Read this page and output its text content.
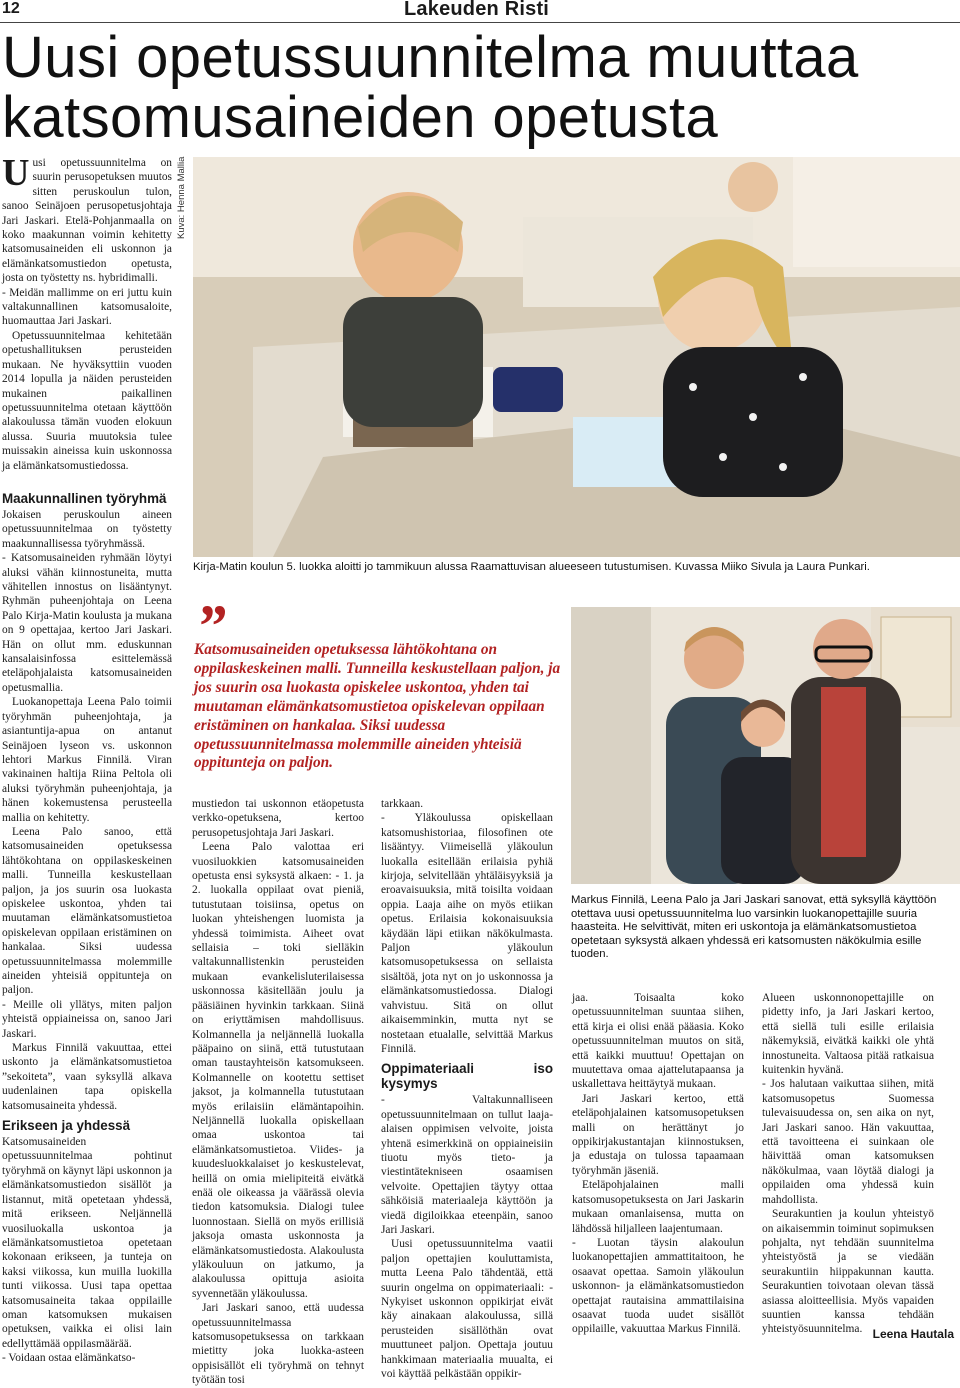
12	Lakeuden Risti
Uusi opetussuunnitelma muuttaa katsomusaineiden opetusta

Uusi opetussuunnitelma on suurin perusopetuksen muutos sitten peruskoulun tulon, sanoo Seinäjoen perusopetusjohtaja Jari Jaskari. Etelä-Pohjanmaalla on koko maakunnan voimin kehitetty katsomusaineiden eli uskonnon ja elämänkatsomustiedon opetusta, josta on työstetty ns. hybridimalli.

- Meidän mallimme on eri juttu kuin valtakunnallinen katsomusaloite, huomauttaa Jari Jaskari.

Opetussuunnitelmaa kehitetään opetushallituksen perusteiden mukaan. Ne hyväksyttiin vuoden 2014 lopulla ja näiden perusteiden mukainen paikallinen opetussuunnitelma otetaan käyttöön alakoulussa tämän vuoden elokuun alussa. Suuria muutoksia tulee muissakin aineissa kuin uskonnossa ja elämänkatsomustiedossa.

Maakunnallinen työryhmä

Jokaisen peruskoulun aineen opetussuunnitelmaa on työstetty maakunnallisessa työryhmässä.

- Katsomusaineiden ryhmään löytyi aluksi vähän kiinnostuneita, mutta vähitellen innostus on lisääntynyt. Ryhmän puheenjohtaja on Leena Palo Kirja-Matin koulusta ja mukana on 9 opettajaa, kertoo Jari Jaskari. Hän on ollut mm. eduskunnan kansalaisinfossa esittelemässä eteläpohjalaista katsomusaineiden opetusmallia.

Luokanopettaja Leena Palo toimii työryhmän puheenjohtaja, ja asiantuntija-apua on antanut Seinäjoen lyseon vs. uskonnon lehtori Markus Finnilä. Viran vakinainen haltija Riina Peltola oli aluksi työryhmän puheenjohtaja, ja hänen kokemustensa perusteella mallia on kehitetty.

Leena Palo sanoo, että katsomusaineiden opetuksessa lähtökohtana on oppilaskeskeinen malli. Tunneilla keskustellaan paljon, ja jos suurin osa luokasta opiskelee uskontoa, yhden tai muutaman elämänkatsomustietoa opiskelevan oppilaan eristäminen on hankalaa. Siksi uudessa opetussuunnitelmassa molemmille aineiden yhteisiä oppitunteja on paljon.

- Meille oli yllätys, miten paljon yhteistä oppiaineissa on, sanoo Jari Jaskari.

Markus Finnilä vakuuttaa, ettei uskonto ja elämänkatsomustietoa ”sekoiteta”, vaan syksyllä alkava uudenlainen tapa opiskella katsomusaineita yhdessä.

Erikseen ja yhdessä

Katsomusaineiden opetussuunnitelmaa pohtinut työryhmä on käynyt läpi uskonnon ja elämänkatsomustiedon sisällöt ja listannut, mitä opetetaan yhdessä, mitä erikseen. Neljännellä vuosiluokalla uskontoa ja elämänkatsomustietoa opetetaan kokonaan erikseen, ja tunteja on kaksi viikossa, kun muilla luokilla tunti viikossa. Uusi tapa opettaa katsomusaineita takaa oppilaille oman katsomuksen mukaisen opetuksen, vaikka ei olisi lain edellyttämää oppilasmäärää.

- Voidaan ostaa elämänkatso-

Kuva: Henna Mallia
Kirja-Matin koulun 5. luokka aloitti jo tammikuun alussa Raamattuvisan alueeseen tutustumisen. Kuvassa Miiko Sivula ja Laura Punkari.
”
Katsomusaineiden opetuksessa lähtökohtana on oppilaskeskeinen malli. Tunneilla keskustellaan paljon, ja jos suurin osa luokasta opiskelee uskontoa, yhden tai muutaman elämänkatsomustietoa opiskelevan oppilaan eristäminen on hankalaa. Siksi uudessa opetussuunnitelmassa molemmille aineiden yhteisiä oppitunteja on paljon.
Markus Finnilä, Leena Palo ja Jari Jaskari sanovat, että syksyllä käyttöön otettava uusi opetussuunnitelma luo varsinkin luokanopettajille suuria haasteita. He selvittivät, miten eri uskontoja ja elämänkatsomustietoa opetetaan syksystä alkaen yhdessä eri katsomusten näkökulmia esille tuoden.

mustiedon tai uskonnon etäopetusta verkko-opetuksena, kertoo perusopetusjohtaja Jari Jaskari.

Leena Palo valottaa eri vuosiluokkien katsomusaineiden opetusta ensi syksystä alkaen: - 1. ja 2. luokalla oppilaat ovat pieniä, tutustutaan toisiinsa, opetus on luokan yhteishengen luomista ja yhdessä toimimista. Aiheet ovat sellaisia – toki sielläkin valtakunnallistenkin perusteiden mukaan evankelisluterilaisessa uskonnossa käsitellään joulu ja pääsiäinen hyvinkin tarkkaan. Siinä on eriyttämisen mahdollisuus. Kolmannella ja neljännellä luokalla pääpaino on siinä, että tutustutaan oman taustayhteisön katsomukseen. Kolmannelle on kootettu settiset jaksot, ja kolmannella tutustutaan myös erilaisiin elämäntapoihin. Neljännellä luokalla opiskellaan omaa uskontoa tai elämänkatsomustietoa. Viides- ja kuudesluokkalaiset jo keskustelevat, heillä on omia mielipiteitä eivätkä enää ole oikeassa ja väärässä olevia tiedon katsomuksia. Dialogi tulee luonnostaan. Siellä on myös erillisiä jaksoja omasta uskonnosta ja elämänkatsomustiedosta. Alakoulusta yläkouluun on jatkumo, ja alakoulussa opittuja asioita syvennetään yläkoulussa.

Jari Jaskari sanoo, että uudessa opetussuunnitelmassa katsomusopetuksessa on tarkkaan mietitty joka luokka-asteen oppisisällöt eli työryhmä on tehnyt työtään tosi

tarkkaan.

- Yläkoulussa opiskellaan katsomushistoriaa, filosofinen ote lisääntyy. Viimeisellä yläkoulun luokalla esitellään erilaisia pyhiä kirjoja, selvitellään yhtäläisyyksiä ja eroavaisuuksia, mitä toisilta voidaan oppia. Laaja aihe on myös etiikan opetus. Erilaisia kokonaisuuksia käydään läpi etiikan näkökulmasta. Paljon yläkoulun katsomusopetuksessa on sellaista sisältöä, jota nyt on jo uskonnossa ja elämänkatsomustiedossa. Dialogi vahvistuu. Sitä on ollut aikaisemminkin, mutta nyt se nostetaan etualalle, selvittää Markus Finnilä.

Oppimateriaali iso kysymys

- Valtakunnalliseen opetussuunnitelmaan on tullut laaja-alaisen oppimisen velvoite, joista yhtenä esimerkkinä on oppiaineisiin tiuotu myös tieto- ja viestintätekniseen osaamisen velvoite. Opettajien täytyy ottaa sähköisiä materiaaleja käyttöön ja viedä digiloikkaa eteenpäin, sanoo Jari Jaskari.

Uusi opetussuunnitelma vaatii paljon opettajien kouluttamista, mutta Leena Palo tähdentää, että suurin ongelma on oppimateriaali: - Nykyiset uskonnon oppikirjat eivät käy ainakaan alakoulussa, sillä perusteiden sisällöthän ovat muuttuneet paljon. Opettaja joutuu hankkimaan materiaalia muualta, ei voi käyttää pelkästään oppikir-

jaa. Toisaalta koko opetussuunnitelman suuntaa siihen, että kirja ei olisi enää pääasia. Koko opetussuunnitelman muutos on sitä, että kaikki muuttuu! Opettajan on muutettava omaa ajattelutapaansa ja uskallettava heittäytyä mukaan.

Jari Jaskari kertoo, että eteläpohjalainen katsomusopetuksen malli on herättänyt jo oppikirjakustantajan kiinnostuksen, ja edustaja on tulossa tapaamaan työryhmän jäseniä.

Eteläpohjalainen malli katsomusopetuksesta on Jari Jaskarin mukaan omanlaisensa, mutta on lähdössä hiljalleen laajentumaan.

- Luotan täysin alakoulun luokanopettajien ammattitaitoon, he osaavat opettaa. Samoin yläkoulun uskonnon- ja elämänkatsomustiedon opettajat rautaisina ammattilaisina osaavat tuoda uudet sisällöt oppilaille, vakuuttaa Markus Finnilä.

Alueen uskonnonopettajille on pidetty info, ja Jari Jaskari kertoo, että siellä tuli esille erilaisia näkemyksiä, eivätkä kaikki ole yhtä innostuneita. Valtaosa pitää ratkaisua kuitenkin hyvänä.

- Jos halutaan vaikuttaa siihen, mitä katsomusopetus Suomessa tulevaisuudessa on, sen aika on nyt, Jari Jaskari sanoo. Hän vakuuttaa, että tavoitteena ei suinkaan ole häivittää oman katsomuksen näkökulmaa, vaan löytää dialogi ja oppilaiden oma yhdessä kuin mahdollista.

Seurakuntien ja koulun yhteistyö on aikaisemmin toiminut sopimuksen pohjalta, nyt tehdään suunnitelma yhteistyöstä ja se viedään seurakuntiin hiippakunnan kautta. Seurakuntien toivotaan olevan tässä asiassa aloitteellisia. Myös vapaiden suuntien kanssa tehdään yhteistyösuunnitelma. Leena Hautala
